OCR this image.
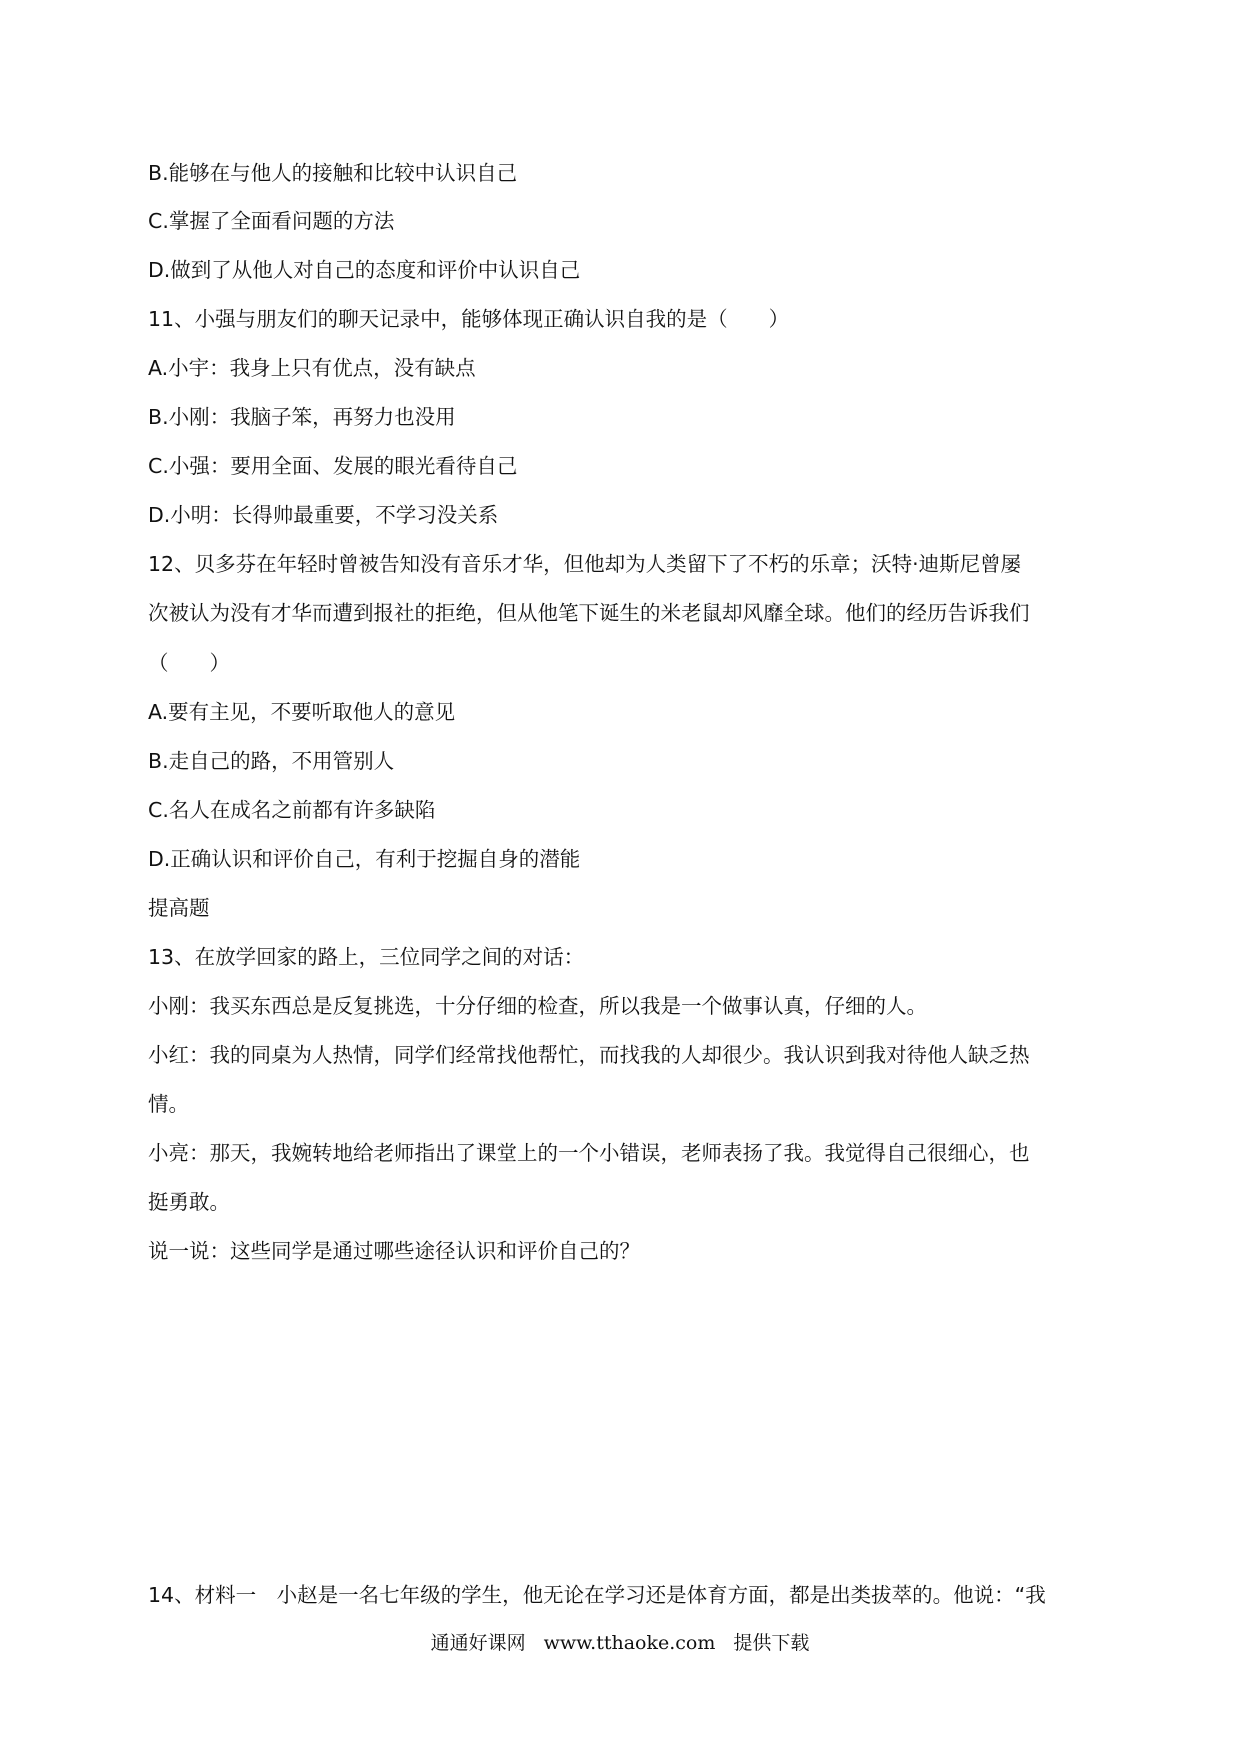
B.能够在与他人的接触和比较中认识自己
C.掌握了全面看问题的方法
D.做到了从他人对自己的态度和评价中认识自己
11、小强与朋友们的聊天记录中，能够体现正确认识自我的是（　　）
A.小宇：我身上只有优点，没有缺点
B.小刚：我脑子笨，再努力也没用
C.小强：要用全面、发展的眼光看待自己
D.小明：长得帅最重要，不学习没关系
12、贝多芬在年轻时曾被告知没有音乐才华，但他却为人类留下了不朽的乐章；沃特·迪斯尼曾屡
次被认为没有才华而遭到报社的拒绝，但从他笔下诞生的米老鼠却风靡全球。他们的经历告诉我们
（　　）
A.要有主见，不要听取他人的意见
B.走自己的路，不用管别人
C.名人在成名之前都有许多缺陷
D.正确认识和评价自己，有利于挖掘自身的潜能
提高题
13、在放学回家的路上，三位同学之间的对话：
小刚：我买东西总是反复挑选，十分仔细的检查，所以我是一个做事认真，仔细的人。
小红：我的同桌为人热情，同学们经常找他帮忙，而找我的人却很少。我认识到我对待他人缺乏热
情。
小亮：那天，我婉转地给老师指出了课堂上的一个小错误，老师表扬了我。我觉得自己很细心，也
挺勇敢。
说一说：这些同学是通过哪些途径认识和评价自己的？
14、材料一　小赵是一名七年级的学生，他无论在学习还是体育方面，都是出类拔萃的。他说：“我
通通好课网 www.tthaoke.com 提供下载
